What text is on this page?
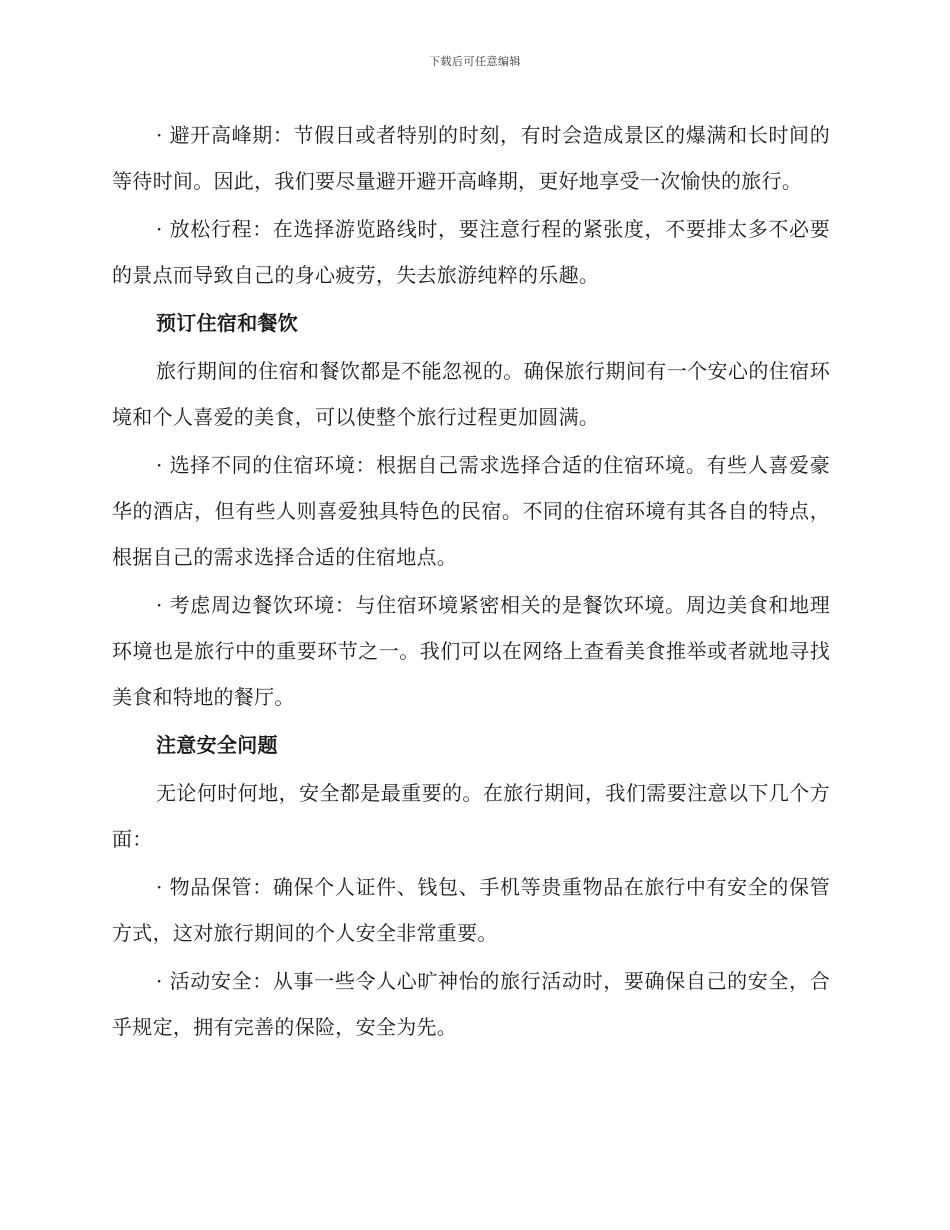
下载后可任意编辑

· 避开高峰期：节假日或者特别的时刻，有时会造成景区的爆满和长时间的等待时间。因此，我们要尽量避开避开高峰期，更好地享受一次愉快的旅行。

· 放松行程：在选择游览路线时，要注意行程的紧张度，不要排太多不必要的景点而导致自己的身心疲劳，失去旅游纯粹的乐趣。

预订住宿和餐饮

旅行期间的住宿和餐饮都是不能忽视的。确保旅行期间有一个安心的住宿环境和个人喜爱的美食，可以使整个旅行过程更加圆满。

· 选择不同的住宿环境：根据自己需求选择合适的住宿环境。有些人喜爱豪华的酒店，但有些人则喜爱独具特色的民宿。不同的住宿环境有其各自的特点，根据自己的需求选择合适的住宿地点。

· 考虑周边餐饮环境：与住宿环境紧密相关的是餐饮环境。周边美食和地理环境也是旅行中的重要环节之一。我们可以在网络上查看美食推举或者就地寻找美食和特地的餐厅。

注意安全问题

无论何时何地，安全都是最重要的。在旅行期间，我们需要注意以下几个方面：

· 物品保管：确保个人证件、钱包、手机等贵重物品在旅行中有安全的保管方式，这对旅行期间的个人安全非常重要。

· 活动安全：从事一些令人心旷神怡的旅行活动时，要确保自己的安全，合乎规定，拥有完善的保险，安全为先。
